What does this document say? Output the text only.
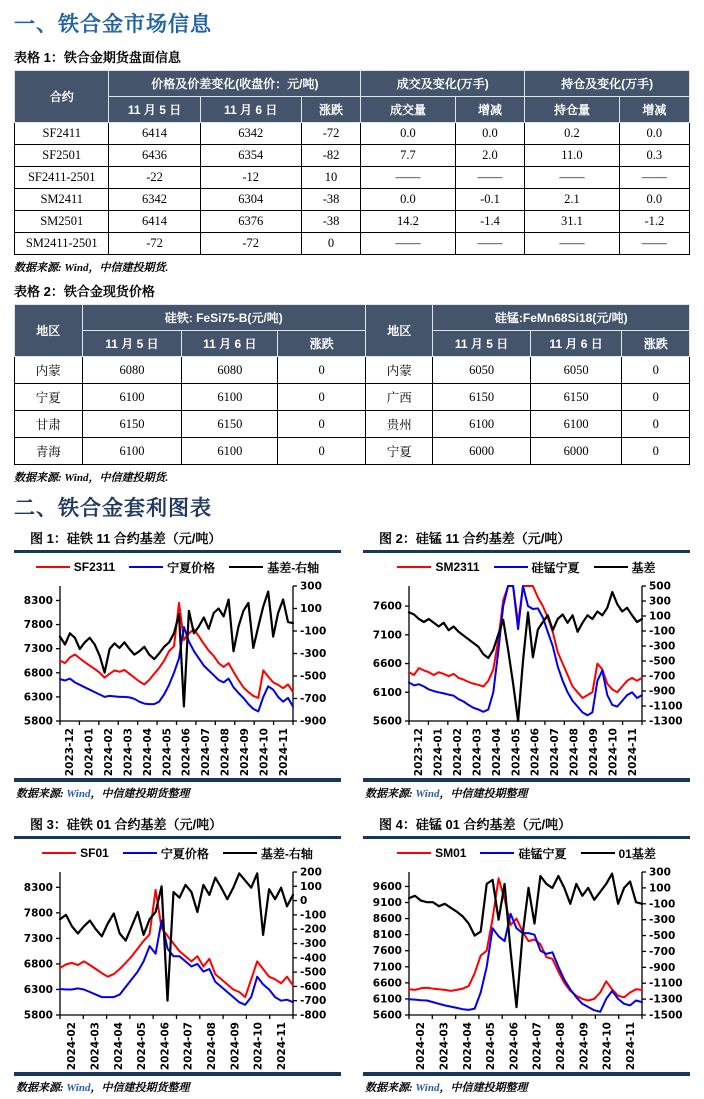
一、铁合金市场信息
表格 1：铁合金期货盘面信息
合约	价格及价差变化(收盘价：元/吨)			成交及变化(万手)		持仓及变化(万手)	
	11 月 5 日	11 月 6 日	涨跌	成交量	增减	持仓量	增减
SF2411	6414	6342	-72	0.0	0.0	0.2	0.0
SF2501	6436	6354	-82	7.7	2.0	11.0	0.3
SF2411-2501	-22	-12	10	——	——	——	——
SM2411	6342	6304	-38	0.0	-0.1	2.1	0.0
SM2501	6414	6376	-38	14.2	-1.4	31.1	-1.2
SM2411-2501	-72	-72	0	——	——	——	——
数据来源: Wind，中信建投期货.
表格 2：铁合金现货价格
地区	硅铁: FeSi75-B(元/吨)			地区	硅锰:FeMn68Si18(元/吨)		
	11 月 5 日	11 月 6 日	涨跌		11 月 5 日	11 月 6 日	涨跌
内蒙	6080	6080	0	内蒙	6050	6050	0
宁夏	6100	6100	0	广西	6150	6150	0
甘肃	6150	6150	0	贵州	6100	6100	0
青海	6100	6100	0	宁夏	6000	6000	0
数据来源: Wind，中信建投期货.
二、铁合金套利图表
图 1：硅铁 11 合约基差（元/吨）
SF2311	宁夏价格	基差-右轴
8300
7800
7300
6800
6300
5800
300
100
-100
-300
-500
-700
-900
2023-12 2024-01 2024-02 2024-03 2024-04 2024-05 2024-06 2024-07 2024-08 2024-09 2024-10 2024-11
数据来源: Wind，中信建投期货整理
图 2：硅锰 11 合约基差（元/吨）
SM2311	硅锰宁夏	基差
7600
7100
6600
6100
5600
500
300
100
-100
-300
-500
-700
-900
-1100
-1300
2023-12 2024-01 2024-02 2024-03 2024-04 2024-05 2024-06 2024-07 2024-08 2024-09 2024-10 2024-11
数据来源: Wind，中信建投期整理
图 3：硅铁 01 合约基差（元/吨）
SF01	宁夏价格	基差-右轴
8300
7800
7300
6800
6300
5800
200
100
0
-100
-200
-300
-400
-500
-600
-700
-800
2024-02 2024-03 2024-04 2024-05 2024-06 2024-07 2024-08 2024-09 2024-10 2024-11
数据来源: Wind，中信建投期货整理
图 4：硅锰 01 合约基差（元/吨）
SM01	硅锰宁夏	01基差
9600
9100
8600
8100
7600
7100
6600
6100
5600
300
100
-100
-300
-500
-700
-900
-1100
-1300
-1500
2024-02 2024-03 2024-04 2024-05 2024-06 2024-07 2024-08 2024-09 2024-10 2024-11
数据来源: Wind，中信建投期整理
